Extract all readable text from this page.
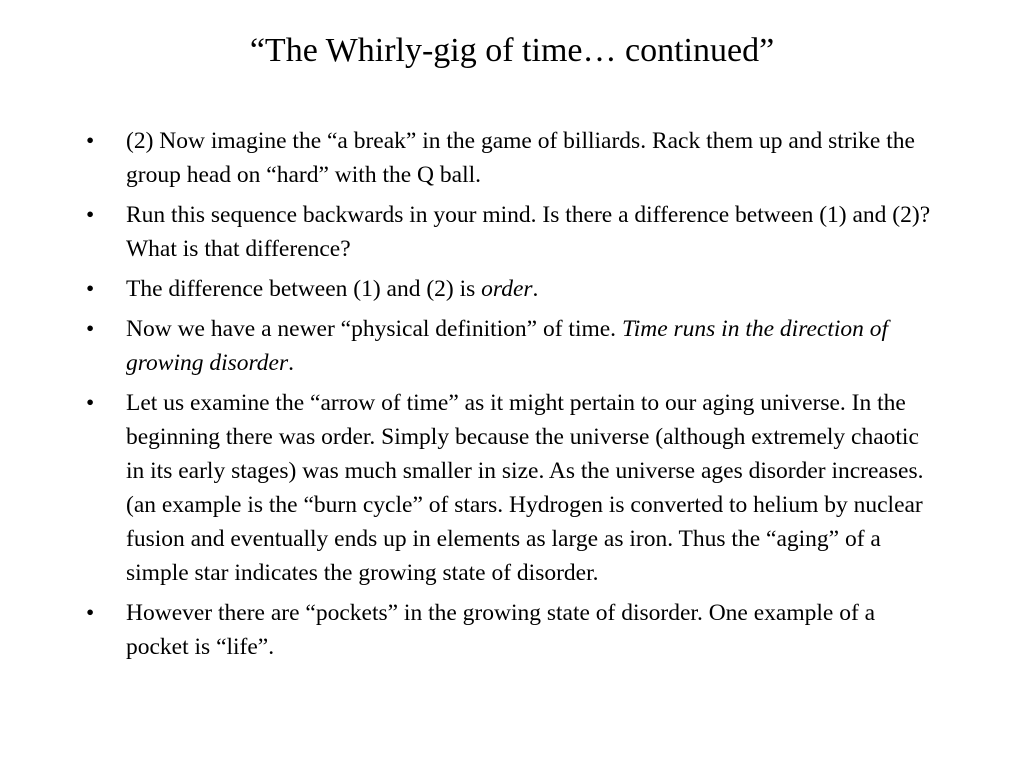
“The Whirly-gig of time… continued”
• (2) Now imagine the “a break” in the game of billiards. Rack them up and strike the group head on “hard” with the Q ball.
• Run this sequence backwards in your mind. Is there a difference between (1) and (2)? What is that difference?
• The difference between (1) and (2) is order.
• Now we have a newer “physical definition” of time. Time runs in the direction of growing disorder.
• Let us examine the “arrow of time” as it might pertain to our aging universe. In the beginning there was order. Simply because the universe (although extremely chaotic in its early stages) was much smaller in size. As the universe ages disorder increases. (an example is the “burn cycle” of stars. Hydrogen is converted to helium by nuclear fusion and eventually ends up in elements as large as iron. Thus the “aging” of a simple star indicates the growing state of disorder.
• However there are “pockets” in the growing state of disorder. One example of a pocket is “life”.
